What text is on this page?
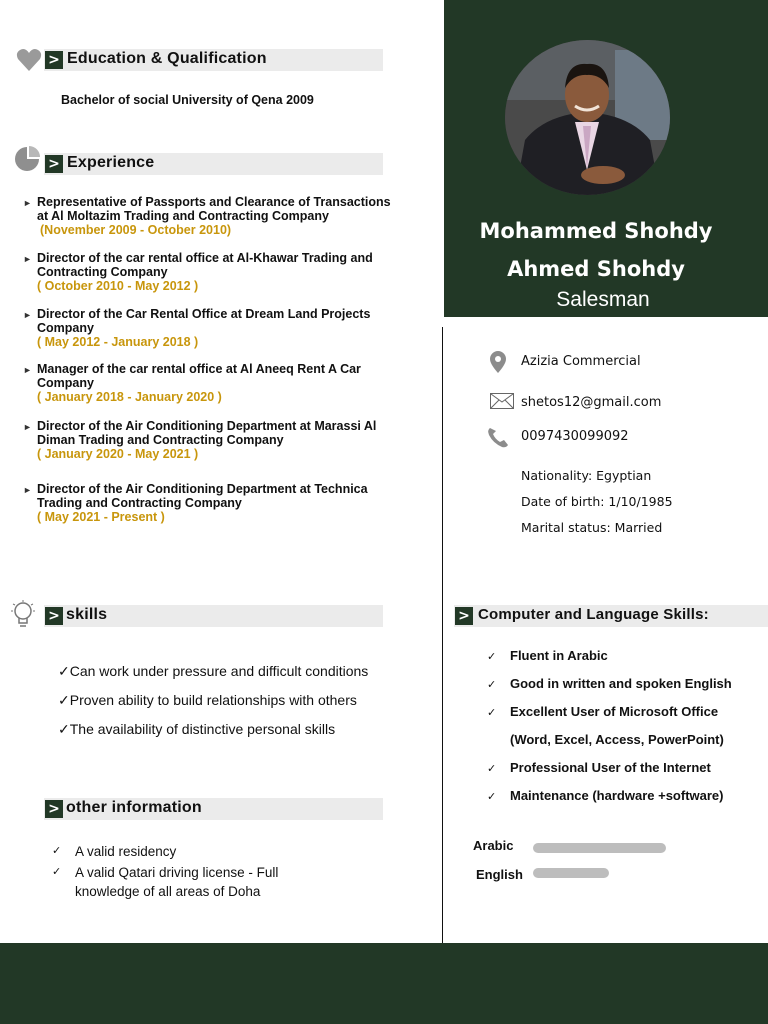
Mohammed Shohdy Ahmed Shohdy
Salesman
> Education & Qualification
Bachelor of social University of Qena 2009
> Experience
► Representative of Passports and Clearance of Transactions at Al Moltazim Trading and Contracting Company
(November 2009 - October 2010)
► Director of the car rental office at Al-Khawar Trading and Contracting Company
( October 2010 - May 2012 )
► Director of the Car Rental Office at Dream Land Projects Company
( May 2012 - January 2018 )
► Manager of the car rental office at Al Aneeq Rent A Car Company
( January 2018 - January 2020 )
► Director of the Air Conditioning Department at Marassi Al Diman Trading and Contracting Company
( January 2020 - May 2021 )
► Director of the Air Conditioning Department at Technica Trading and Contracting Company
( May 2021 - Present )
> skills
✓Can work under pressure and difficult conditions
✓Proven ability to build relationships with others
✓The availability of distinctive personal skills
> other information
✓ A valid residency
✓ A valid Qatari driving license - Full knowledge of all areas of Doha
Azizia Commercial
shetos12@gmail.com
0097430099092
Nationality: Egyptian
Date of birth: 1/10/1985
Marital status: Married
> Computer and Language Skills:
✓ Fluent in Arabic
✓ Good in written and spoken English
✓ Excellent User of Microsoft Office
(Word, Excel, Access, PowerPoint)
✓ Professional User of the Internet
✓ Maintenance (hardware +software)
Arabic
English
